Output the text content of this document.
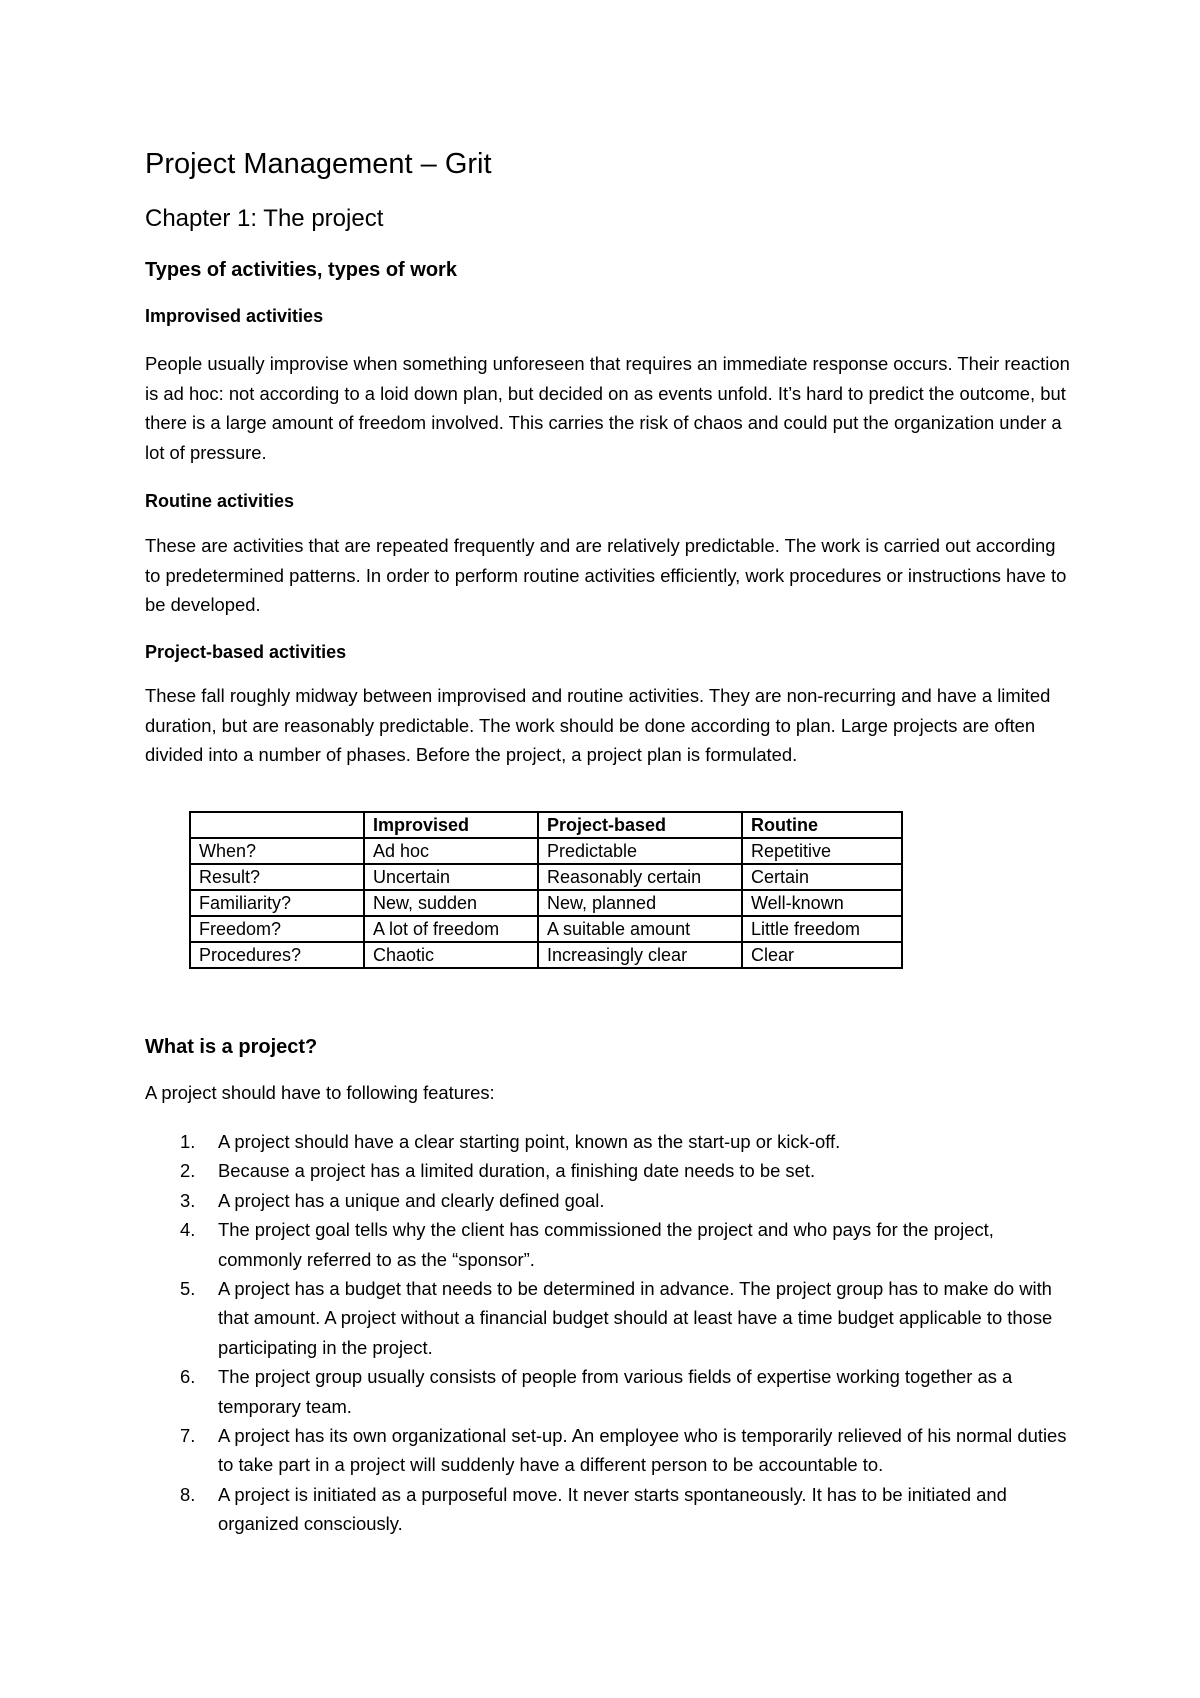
Project Management – Grit
Chapter 1: The project
Types of activities, types of work
Improvised activities
People usually improvise when something unforeseen that requires an immediate response occurs. Their reaction is ad hoc: not according to a loid down plan, but decided on as events unfold. It’s hard to predict the outcome, but there is a large amount of freedom involved. This carries the risk of chaos and could put the organization under a lot of pressure.
Routine activities
These are activities that are repeated frequently and are relatively predictable. The work is carried out according to predetermined patterns. In order to perform routine activities efficiently, work procedures or instructions have to be developed.
Project-based activities
These fall roughly midway between improvised and routine activities. They are non-recurring and have a limited duration, but are reasonably predictable. The work should be done according to plan. Large projects are often divided into a number of phases. Before the project, a project plan is formulated.
	Improvised	Project-based	Routine
When?	Ad hoc	Predictable	Repetitive
Result?	Uncertain	Reasonably certain	Certain
Familiarity?	New, sudden	New, planned	Well-known
Freedom?	A lot of freedom	A suitable amount	Little freedom
Procedures?	Chaotic	Increasingly clear	Clear
What is a project?
A project should have to following features:
1. A project should have a clear starting point, known as the start-up or kick-off.
2. Because a project has a limited duration, a finishing date needs to be set.
3. A project has a unique and clearly defined goal.
4. The project goal tells why the client has commissioned the project and who pays for the project, commonly referred to as the “sponsor”.
5. A project has a budget that needs to be determined in advance. The project group has to make do with that amount. A project without a financial budget should at least have a time budget applicable to those participating in the project.
6. The project group usually consists of people from various fields of expertise working together as a temporary team.
7. A project has its own organizational set-up. An employee who is temporarily relieved of his normal duties to take part in a project will suddenly have a different person to be accountable to.
8. A project is initiated as a purposeful move. It never starts spontaneously. It has to be initiated and organized consciously.
